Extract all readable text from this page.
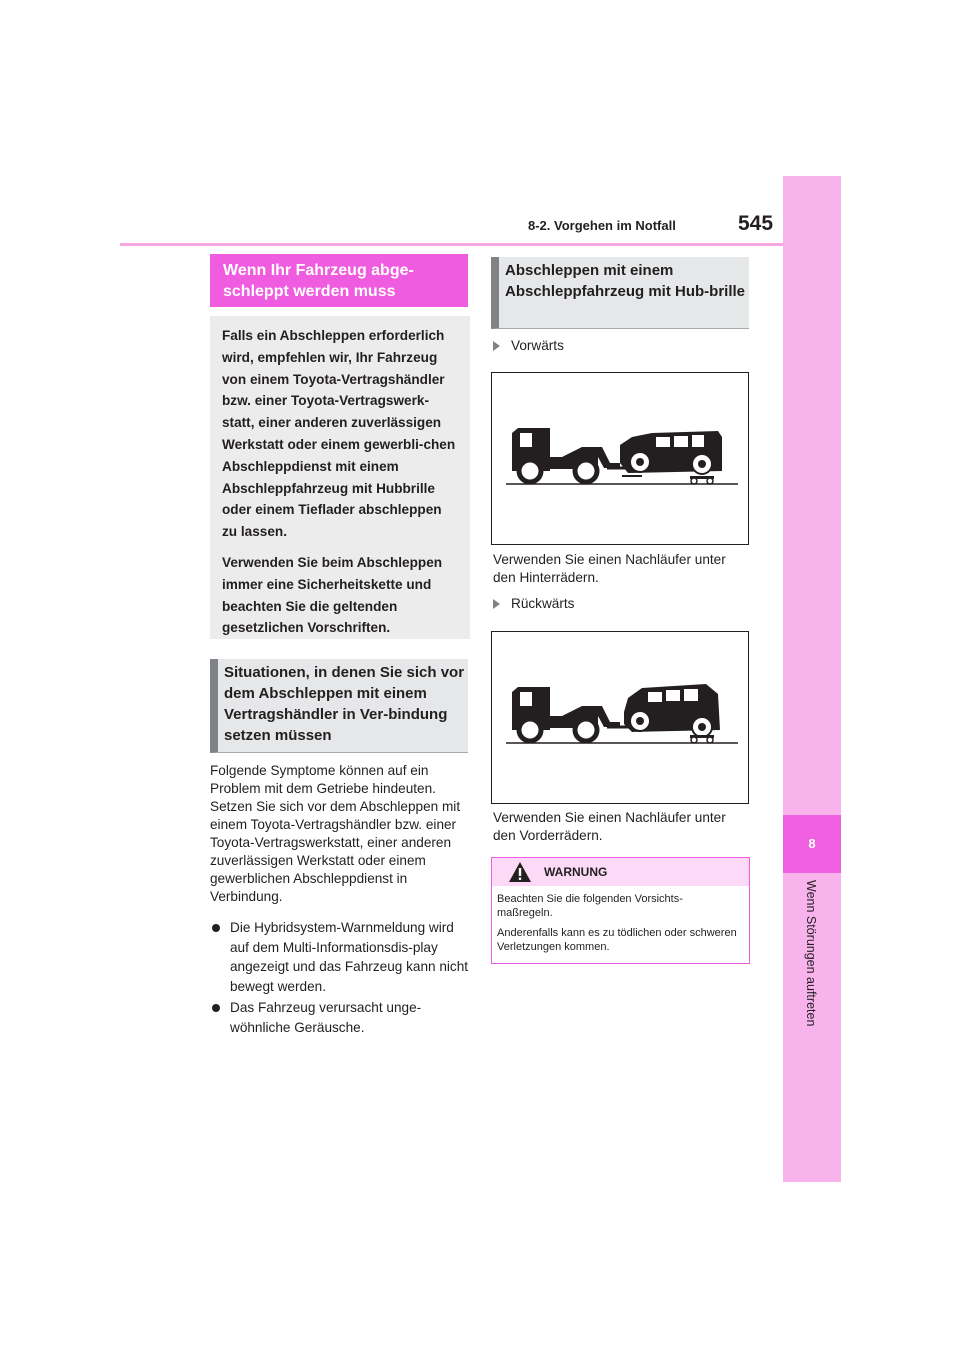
8-2. Vorgehen im Notfall	545
8
Wenn Störungen auftreten
Wenn Ihr Fahrzeug abge-
schleppt werden muss

Falls ein Abschleppen erforderlich wird, empfehlen wir, Ihr Fahrzeug von einem Toyota-Vertragshändler bzw. einer Toyota-Vertragswerk-statt, einer anderen zuverlässigen Werkstatt oder einem gewerbli-chen Abschleppdienst mit einem Abschleppfahrzeug mit Hubbrille oder einem Tieflader abschleppen zu lassen.

Verwenden Sie beim Abschleppen immer eine Sicherheitskette und beachten Sie die geltenden gesetzlichen Vorschriften.

Situationen, in denen Sie sich vor dem Abschleppen mit einem Vertragshändler in Ver-bindung setzen müssen
Folgende Symptome können auf ein Problem mit dem Getriebe hindeuten. Setzen Sie sich vor dem Abschleppen mit einem Toyota-Vertragshändler bzw. einer Toyota-Vertragswerkstatt, einer anderen zuverlässigen Werkstatt oder einem gewerblichen Abschleppdienst in Verbindung.
Die Hybridsystem-Warnmeldung wird auf dem Multi-Informationsdis-play angezeigt und das Fahrzeug kann nicht bewegt werden.
Das Fahrzeug verursacht unge-wöhnliche Geräusche.
Abschleppen mit einem Abschleppfahrzeug mit Hub-brille
Vorwärts
Verwenden Sie einen Nachläufer unter den Hinterrädern.
Rückwärts
Verwenden Sie einen Nachläufer unter den Vorderrädern.
WARNUNG

Beachten Sie die folgenden Vorsichts-maßregeln.

Anderenfalls kann es zu tödlichen oder schweren Verletzungen kommen.
